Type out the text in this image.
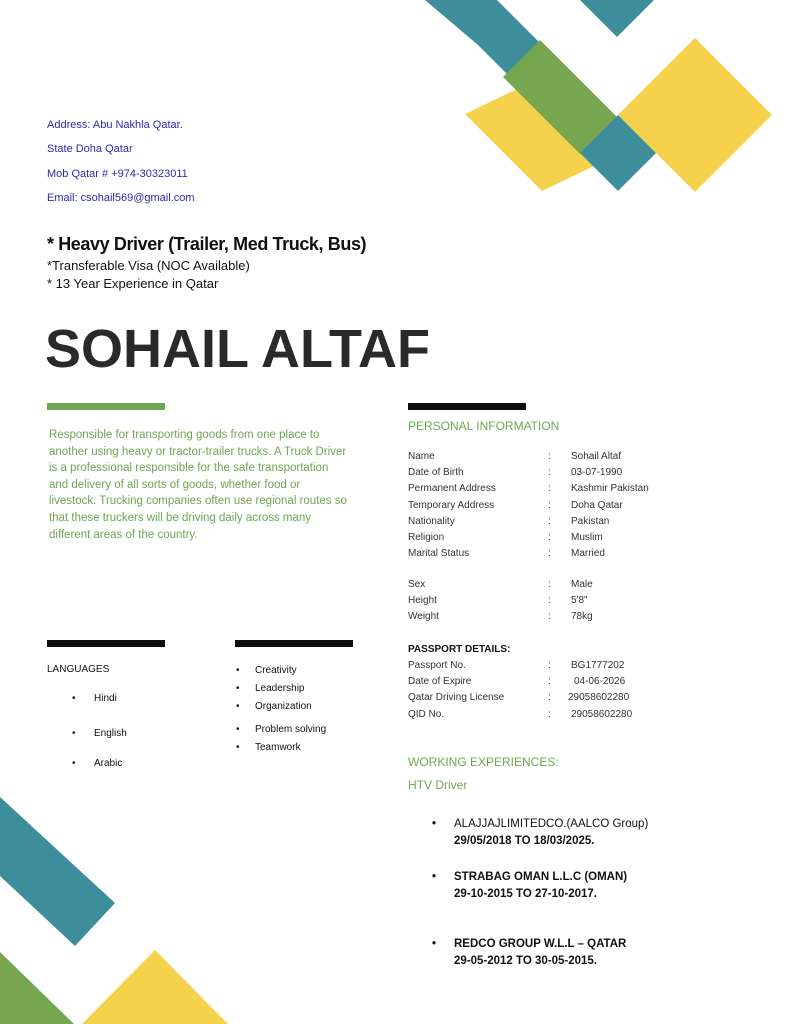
Address: Abu Nakhla Qatar.
State Doha Qatar
Mob Qatar # +974-30323011
Email: csohail569@gmail.com
* Heavy Driver (Trailer, Med Truck, Bus)
*Transferable Visa (NOC Available)
* 13 Year Experience in Qatar
SOHAIL ALTAF
Responsible for transporting goods from one place to another using heavy or tractor-trailer trucks. A Truck Driver is a professional responsible for the safe transportation and delivery of all sorts of goods, whether food or livestock. Trucking companies often use regional routes so that these truckers will be driving daily across many different areas of the country.
PERSONAL INFORMATION
Name	: Sohail Altaf
Date of Birth	: 03-07-1990
Permanent Address	: Kashmir Pakistan
Temporary Address	: Doha Qatar
Nationality	: Pakistan
Religion	: Muslim
Marital Status	: Married
Sex	: Male
Height	: 5'8"
Weight	: 78kg
PASSPORT DETAILS:
Passport No.	: BG1777202
Date of Expire	: 04-06-2026
Qatar Driving License	: 29058602280
QID No.	: 29058602280
LANGUAGES
Hindi
English
Arabic
Creativity
Leadership
Organization
Problem solving
Teamwork
WORKING EXPERIENCES:
HTV Driver
• ALAJJAJLIMITEDCO.(AALCO Group)
29/05/2018 TO 18/03/2025.
• STRABAG OMAN L.L.C (OMAN)
29-10-2015 TO 27-10-2017.
• REDCO GROUP W.L.L – QATAR
29-05-2012 TO 30-05-2015.
